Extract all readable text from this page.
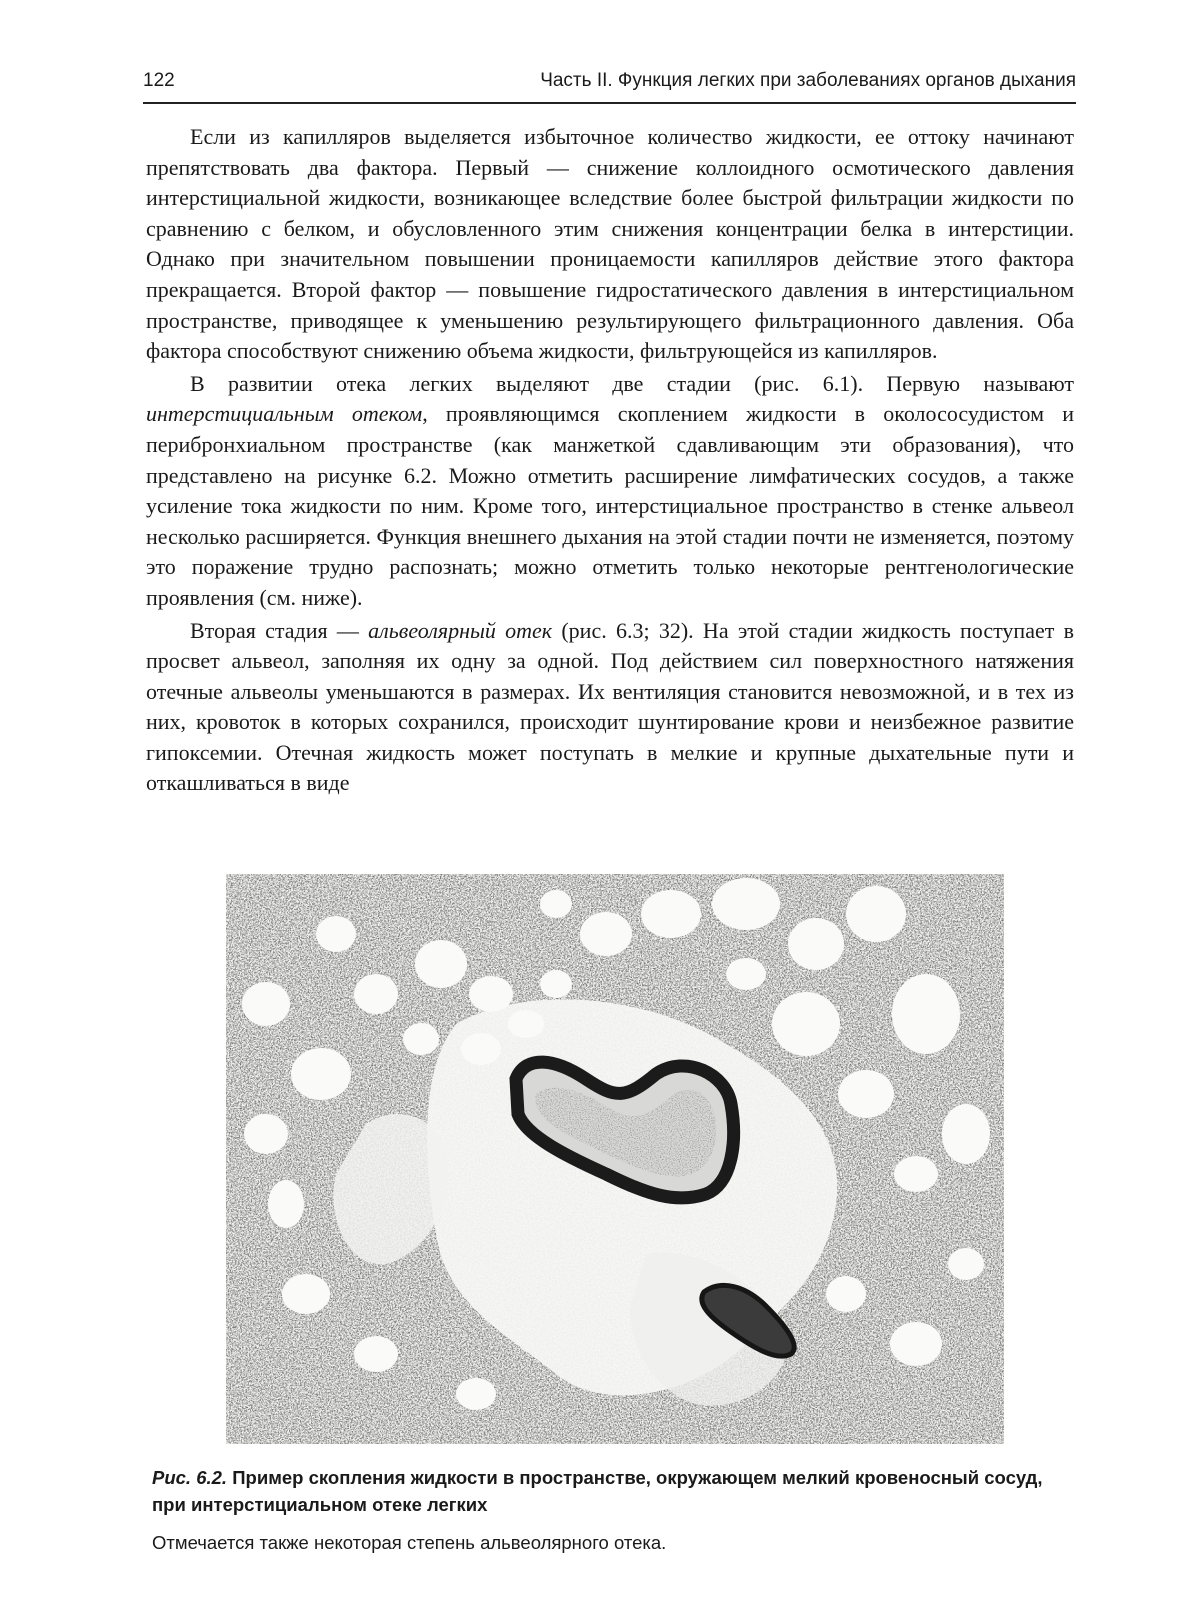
122	Часть II. Функция легких при заболеваниях органов дыхания

Если из капилляров выделяется избыточное количество жидкости, ее оттоку начинают препятствовать два фактора. Первый — снижение коллоидного осмотического давления интерстициальной жидкости, возникающее вследствие более быстрой фильтрации жидкости по сравнению с белком, и обусловленного этим снижения концентрации белка в интерстиции. Однако при значительном повышении проницаемости капилляров действие этого фактора прекращается. Второй фактор — повышение гидростатического давления в интерстициальном пространстве, приводящее к уменьшению результирующего фильтрационного давления. Оба фактора способствуют снижению объема жидкости, фильтрующейся из капилляров.

В развитии отека легких выделяют две стадии (рис. 6.1). Первую называют интерстициальным отеком, проявляющимся скоплением жидкости в околососудистом и перибронхиальном пространстве (как манжеткой сдавливающим эти образования), что представлено на рисунке 6.2. Можно отметить расширение лимфатических сосудов, а также усиление тока жидкости по ним. Кроме того, интерстициальное пространство в стенке альвеол несколько расширяется. Функция внешнего дыхания на этой стадии почти не изменяется, поэтому это поражение трудно распознать; можно отметить только некоторые рентгенологические проявления (см. ниже).

Вторая стадия — альвеолярный отек (рис. 6.3; 32). На этой стадии жидкость поступает в просвет альвеол, заполняя их одну за одной. Под действием сил поверхностного натяжения отечные альвеолы уменьшаются в размерах. Их вентиляция становится невозможной, и в тех из них, кровоток в которых сохранился, происходит шунтирование крови и неизбежное развитие гипоксемии. Отечная жидкость может поступать в мелкие и крупные дыхательные пути и откашливаться в виде

Рис. 6.2. Пример скопления жидкости в пространстве, окружающем мелкий кровеносный сосуд, при интерстициальном отеке легких
Отмечается также некоторая степень альвеолярного отека.
